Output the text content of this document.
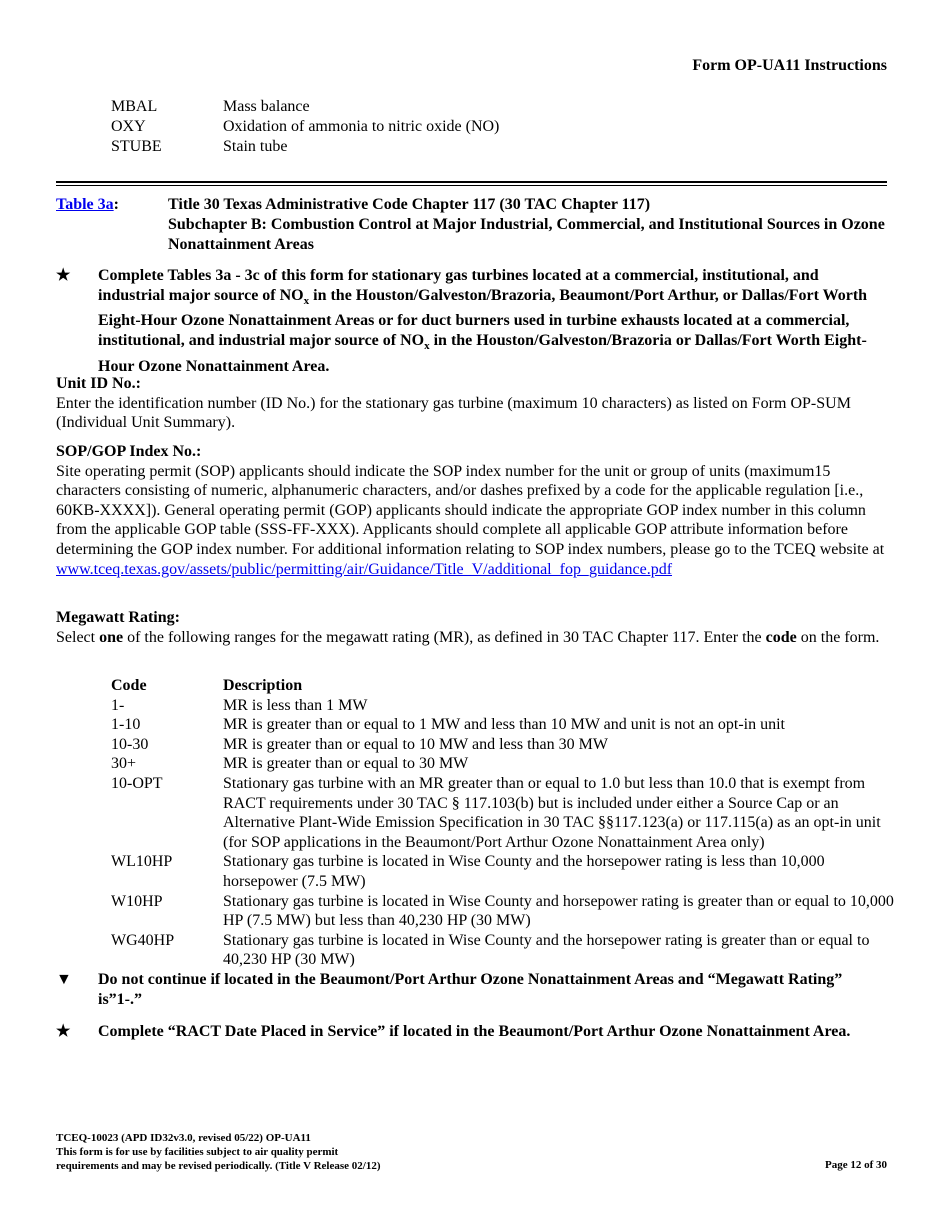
Form OP-UA11 Instructions
MBAL	Mass balance
OXY	Oxidation of ammonia to nitric oxide (NO)
STUBE	Stain tube
Table 3a:	Title 30 Texas Administrative Code Chapter 117 (30 TAC Chapter 117)
Subchapter B: Combustion Control at Major Industrial, Commercial, and Institutional Sources in Ozone Nonattainment Areas
★	Complete Tables 3a - 3c of this form for stationary gas turbines located at a commercial, institutional, and industrial major source of $NO_x$ in the Houston/Galveston/Brazoria, Beaumont/Port Arthur, or Dallas/Fort Worth Eight-Hour Ozone Nonattainment Areas or for duct burners used in turbine exhausts located at a commercial, institutional, and industrial major source of $NO_x$ in the Houston/Galveston/Brazoria or Dallas/Fort Worth Eight-Hour Ozone Nonattainment Area.
Unit ID No.:
Enter the identification number (ID No.) for the stationary gas turbine (maximum 10 characters) as listed on Form OP-SUM (Individual Unit Summary).
SOP/GOP Index No.:
Site operating permit (SOP) applicants should indicate the SOP index number for the unit or group of units (maximum15 characters consisting of numeric, alphanumeric characters, and/or dashes prefixed by a code for the applicable regulation [i.e., 60KB-XXXX]). General operating permit (GOP) applicants should indicate the appropriate GOP index number in this column from the applicable GOP table (SSS-FF-XXX). Applicants should complete all applicable GOP attribute information before determining the GOP index number. For additional information relating to SOP index numbers, please go to the TCEQ website at
www.tceq.texas.gov/assets/public/permitting/air/Guidance/Title_V/additional_fop_guidance.pdf
Megawatt Rating:
Select one of the following ranges for the megawatt rating (MR), as defined in 30 TAC Chapter 117. Enter the code on the form.
Code	Description
1-	MR is less than 1 MW
1-10	MR is greater than or equal to 1 MW and less than 10 MW and unit is not an opt-in unit
10-30	MR is greater than or equal to 10 MW and less than 30 MW
30+	MR is greater than or equal to 30 MW
10-OPT	Stationary gas turbine with an MR greater than or equal to 1.0 but less than 10.0 that is exempt from RACT requirements under 30 TAC § 117.103(b) but is included under either a Source Cap or an Alternative Plant-Wide Emission Specification in 30 TAC §§117.123(a) or 117.115(a) as an opt-in unit (for SOP applications in the Beaumont/Port Arthur Ozone Nonattainment Area only)
WL10HP	Stationary gas turbine is located in Wise County and the horsepower rating is less than 10,000 horsepower (7.5 MW)
W10HP	Stationary gas turbine is located in Wise County and horsepower rating is greater than or equal to 10,000 HP (7.5 MW) but less than 40,230 HP (30 MW)
WG40HP	Stationary gas turbine is located in Wise County and the horsepower rating is greater than or equal to 40,230 HP (30 MW)
▼ Do not continue if located in the Beaumont/Port Arthur Ozone Nonattainment Areas and “Megawatt Rating” is”1-.”
★	Complete “RACT Date Placed in Service” if located in the Beaumont/Port Arthur Ozone Nonattainment Area.
TCEQ-10023 (APD ID32v3.0, revised 05/22) OP-UA11
This form is for use by facilities subject to air quality permit
requirements and may be revised periodically. (Title V Release 02/12)	Page 12 of 30
